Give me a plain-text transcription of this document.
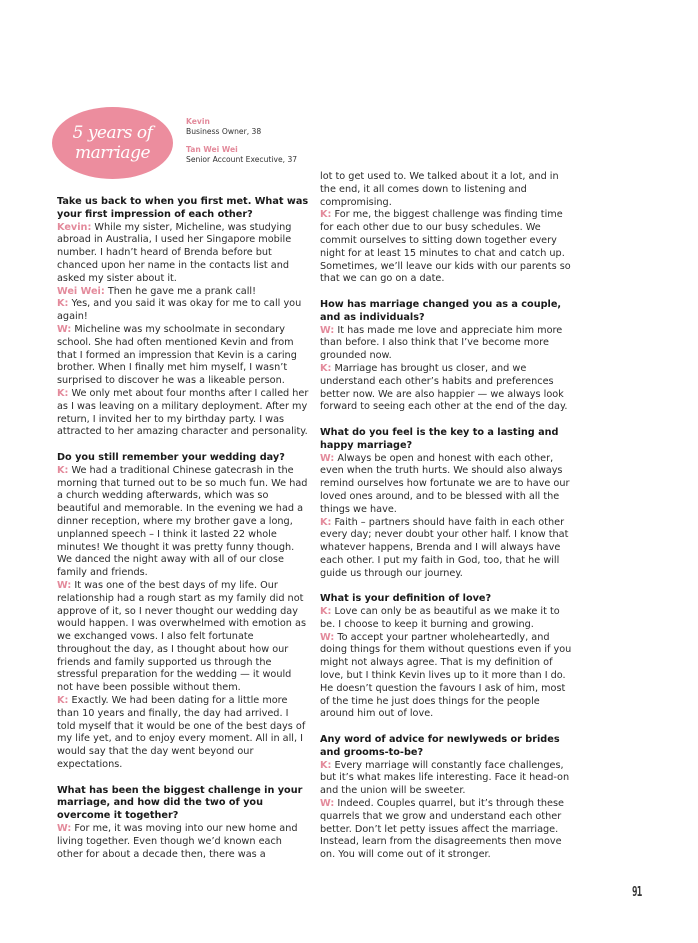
5 years of
marriage
Kevin
Business Owner, 38
Tan Wei Wei
Senior Account Executive, 37
Take us back to when you first met. What was your first impression of each other?

Kevin: While my sister, Micheline, was studying abroad in Australia, I used her Singapore mobile number. I hadn’t heard of Brenda before but chanced upon her name in the contacts list and asked my sister about it.

Wei Wei: Then he gave me a prank call!

K: Yes, and you said it was okay for me to call you again!

W: Micheline was my schoolmate in secondary school. She had often mentioned Kevin and from that I formed an impression that Kevin is a caring brother. When I finally met him myself, I wasn’t surprised to discover he was a likeable person.

K: We only met about four months after I called her as I was leaving on a military deployment. After my return, I invited her to my birthday party. I was attracted to her amazing character and personality.

Do you still remember your wedding day?

K: We had a traditional Chinese gatecrash in the morning that turned out to be so much fun. We had a church wedding afterwards, which was so beautiful and memorable. In the evening we had a dinner reception, where my brother gave a long, unplanned speech – I think it lasted 22 whole minutes! We thought it was pretty funny though. We danced the night away with all of our close family and friends.

W: It was one of the best days of my life. Our relationship had a rough start as my family did not approve of it, so I never thought our wedding day would happen. I was overwhelmed with emotion as we exchanged vows. I also felt fortunate throughout the day, as I thought about how our friends and family supported us through the stressful preparation for the wedding — it would not have been possible without them.

K: Exactly. We had been dating for a little more than 10 years and finally, the day had arrived. I told myself that it would be one of the best days of my life yet, and to enjoy every moment. All in all, I would say that the day went beyond our expectations.

What has been the biggest challenge in your marriage, and how did the two of you overcome it together?

W: For me, it was moving into our new home and living together. Even though we’d known each other for about a decade then, there was a

lot to get used to. We talked about it a lot, and in the end, it all comes down to listening and compromising.

K: For me, the biggest challenge was finding time for each other due to our busy schedules. We commit ourselves to sitting down together every night for at least 15 minutes to chat and catch up. Sometimes, we’ll leave our kids with our parents so that we can go on a date.

How has marriage changed you as a couple, and as individuals?

W: It has made me love and appreciate him more than before. I also think that I’ve become more grounded now.

K: Marriage has brought us closer, and we understand each other’s habits and preferences better now. We are also happier — we always look forward to seeing each other at the end of the day.

What do you feel is the key to a lasting and happy marriage?

W: Always be open and honest with each other, even when the truth hurts. We should also always remind ourselves how fortunate we are to have our loved ones around, and to be blessed with all the things we have.

K: Faith – partners should have faith in each other every day; never doubt your other half. I know that whatever happens, Brenda and I will always have each other. I put my faith in God, too, that he will guide us through our journey.

What is your definition of love?

K: Love can only be as beautiful as we make it to be. I choose to keep it burning and growing.

W: To accept your partner wholeheartedly, and doing things for them without questions even if you might not always agree. That is my definition of love, but I think Kevin lives up to it more than I do. He doesn’t question the favours I ask of him, most of the time he just does things for the people around him out of love.

Any word of advice for newlyweds or brides and grooms-to-be?

K: Every marriage will constantly face challenges, but it’s what makes life interesting. Face it head-on and the union will be sweeter.

W: Indeed. Couples quarrel, but it’s through these quarrels that we grow and understand each other better. Don’t let petty issues affect the marriage. Instead, learn from the disagreements then move on. You will come out of it stronger.

91
